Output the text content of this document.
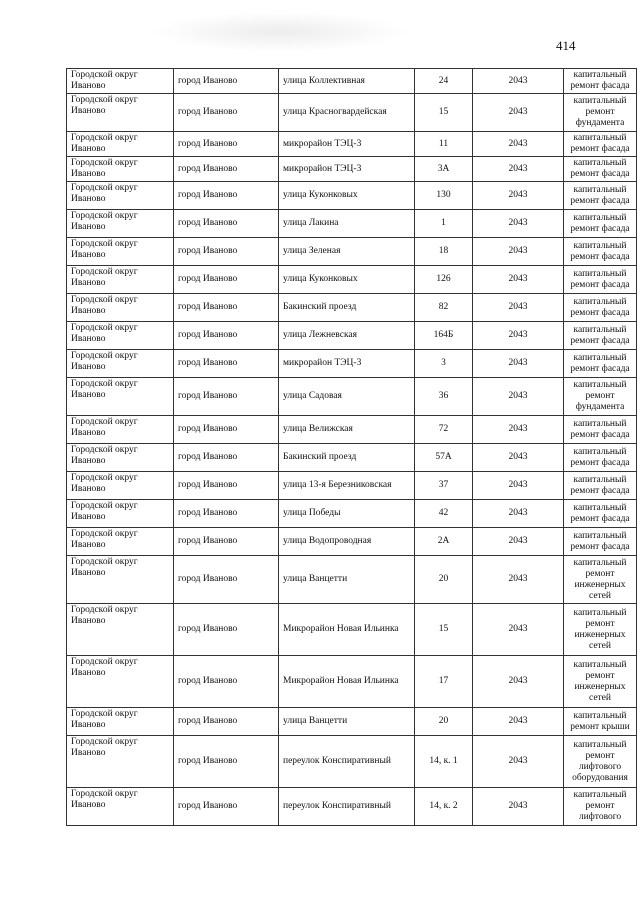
414
Городской округ Иваново	город Иваново	улица Коллективная	24	2043	капитальный ремонт фасада
Городской округ Иваново	город Иваново	улица Красногвардейская	15	2043	капитальный ремонт фундамента
Городской округ Иваново	город Иваново	микрорайон ТЭЦ-3	11	2043	капитальный ремонт фасада
Городской округ Иваново	город Иваново	микрорайон ТЭЦ-3	3А	2043	капитальный ремонт фасада
Городской округ Иваново	город Иваново	улица Куконковых	130	2043	капитальный ремонт фасада
Городской округ Иваново	город Иваново	улица Лакина	1	2043	капитальный ремонт фасада
Городской округ Иваново	город Иваново	улица Зеленая	18	2043	капитальный ремонт фасада
Городской округ Иваново	город Иваново	улица Куконковых	126	2043	капитальный ремонт фасада
Городской округ Иваново	город Иваново	Бакинский проезд	82	2043	капитальный ремонт фасада
Городской округ Иваново	город Иваново	улица Лежневская	164Б	2043	капитальный ремонт фасада
Городской округ Иваново	город Иваново	микрорайон ТЭЦ-3	3	2043	капитальный ремонт фасада
Городской округ Иваново	город Иваново	улица Садовая	36	2043	капитальный ремонт фундамента
Городской округ Иваново	город Иваново	улица Велижская	72	2043	капитальный ремонт фасада
Городской округ Иваново	город Иваново	Бакинский проезд	57А	2043	капитальный ремонт фасада
Городской округ Иваново	город Иваново	улица 13-я Березниковская	37	2043	капитальный ремонт фасада
Городской округ Иваново	город Иваново	улица Победы	42	2043	капитальный ремонт фасада
Городской округ Иваново	город Иваново	улица Водопроводная	2А	2043	капитальный ремонт фасада
Городской округ Иваново	город Иваново	улица Ванцетти	20	2043	капитальный ремонт инженерных сетей
Городской округ Иваново	город Иваново	Микрорайон Новая Ильинка	15	2043	капитальный ремонт инженерных сетей
Городской округ Иваново	город Иваново	Микрорайон Новая Ильинка	17	2043	капитальный ремонт инженерных сетей
Городской округ Иваново	город Иваново	улица Ванцетти	20	2043	капитальный ремонт крыши
Городской округ Иваново	город Иваново	переулок Конспиративный	14, к. 1	2043	капитальный ремонт лифтового оборудования
Городской округ Иваново	город Иваново	переулок Конспиративный	14, к. 2	2043	капитальный ремонт лифтового
